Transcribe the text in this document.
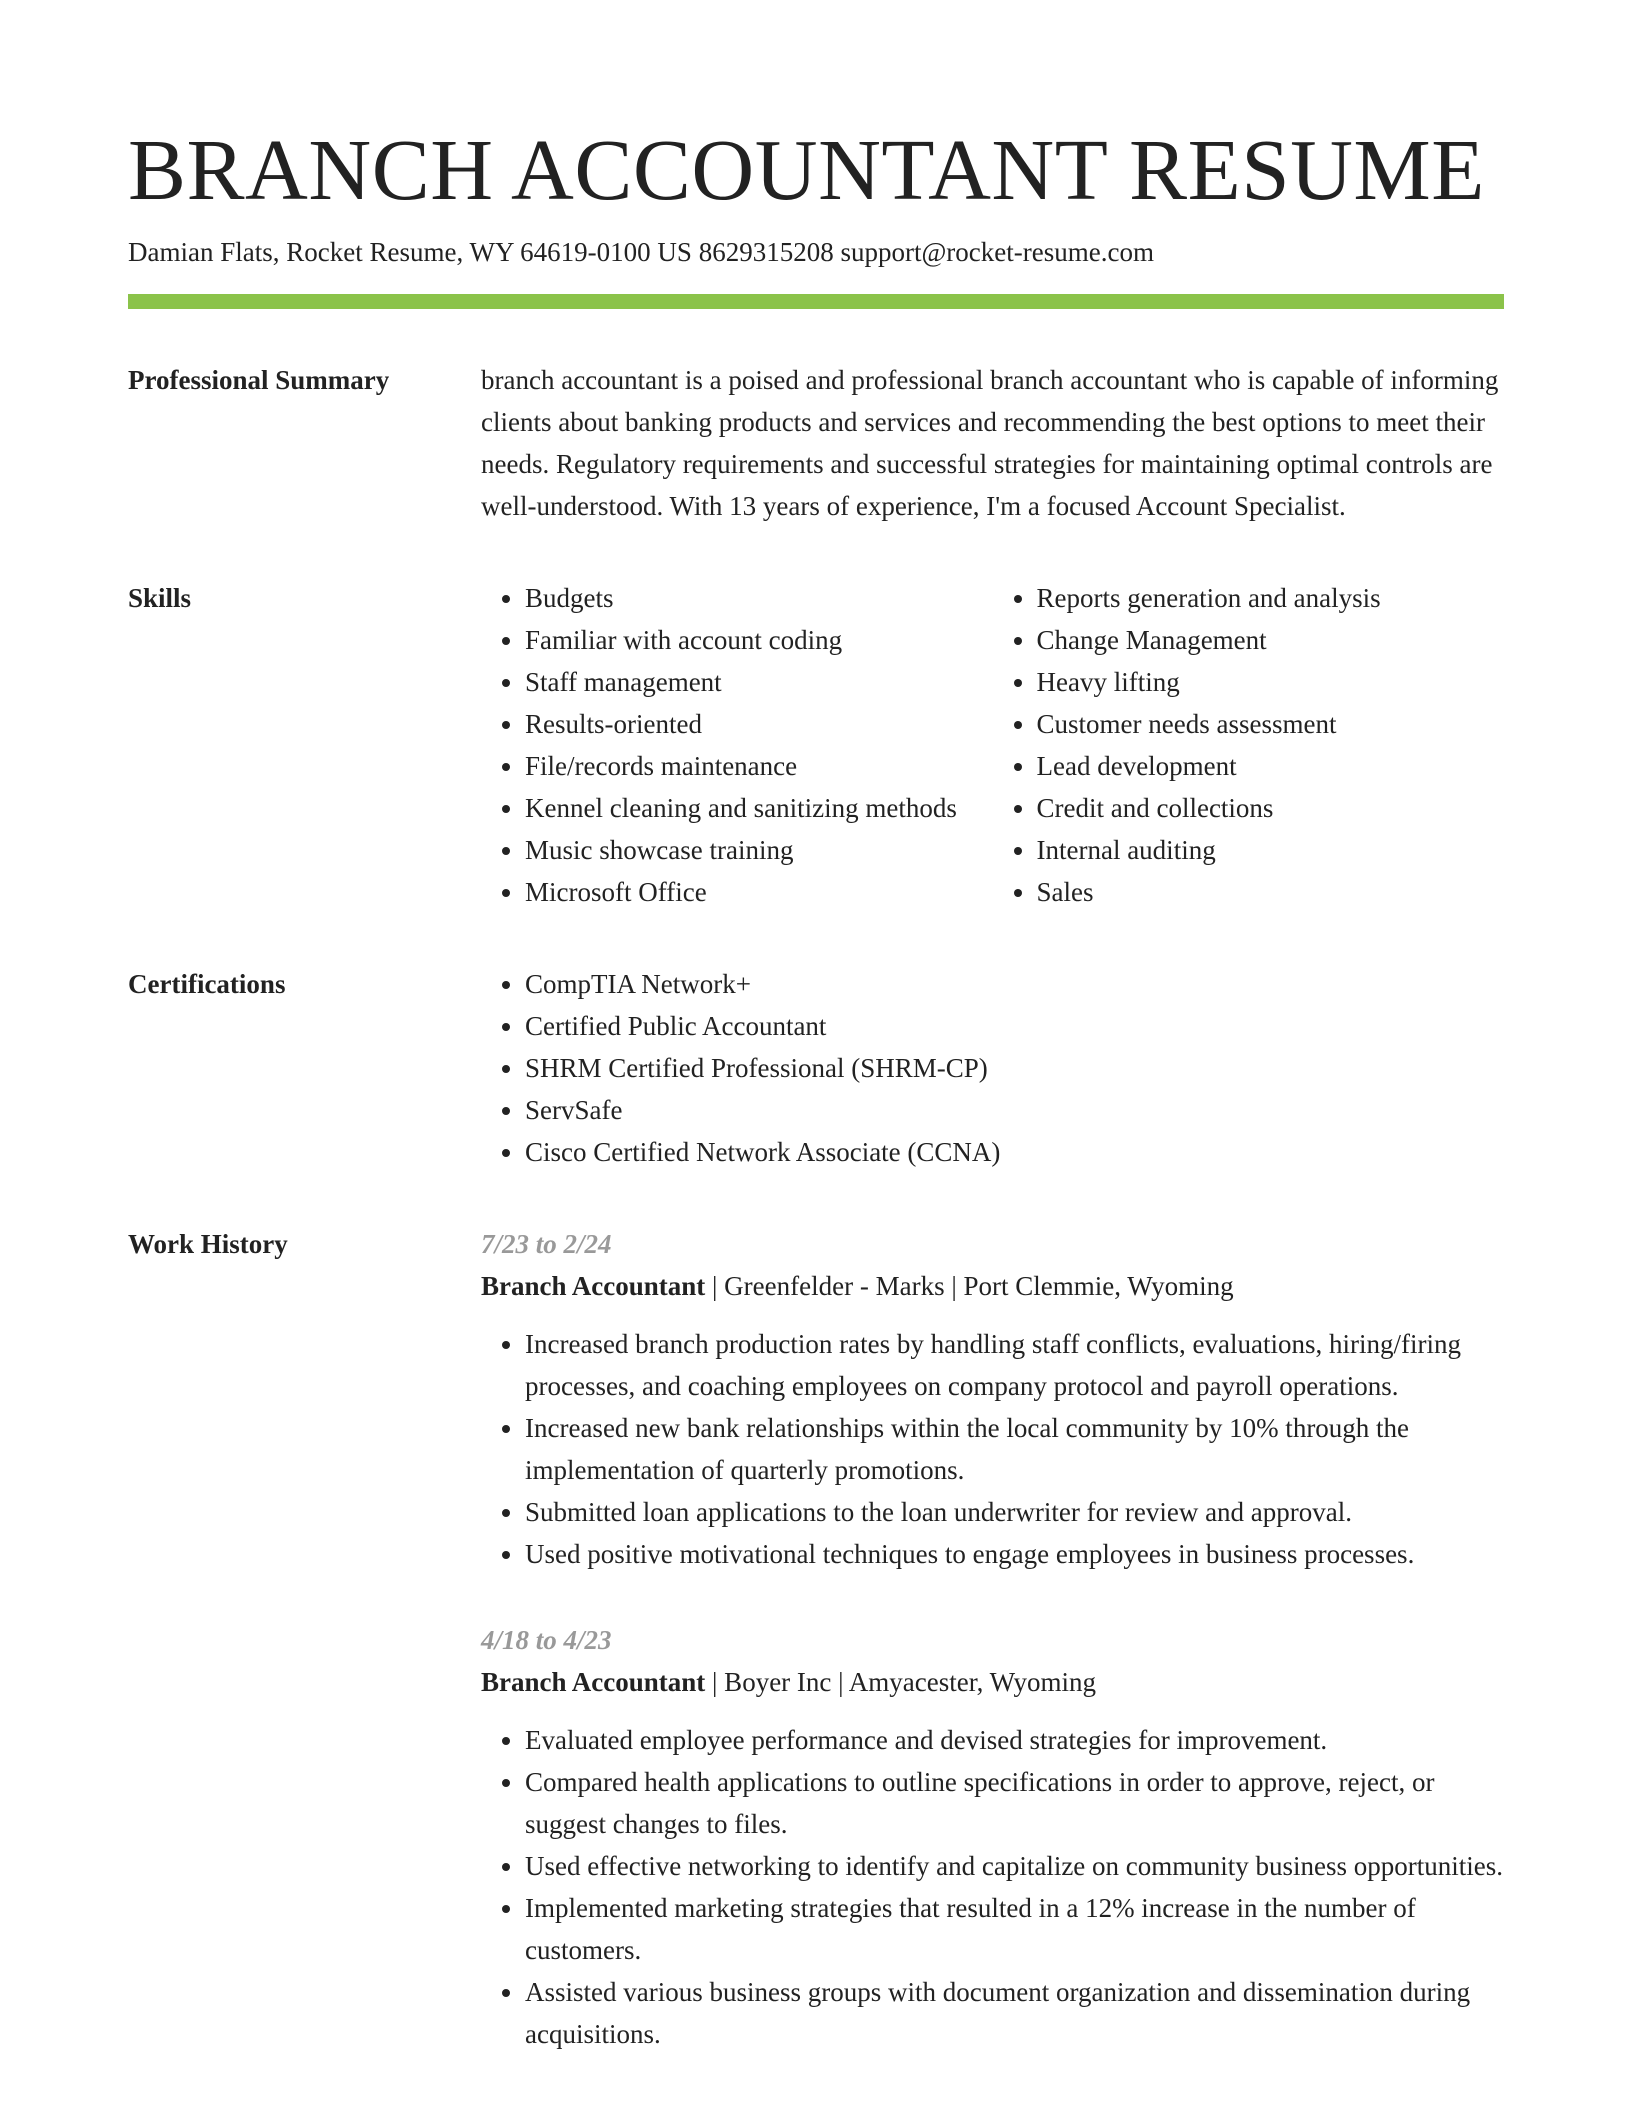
BRANCH ACCOUNTANT RESUME
Damian Flats, Rocket Resume, WY 64619-0100 US 8629315208 support@rocket-resume.com
Professional Summary	branch accountant is a poised and professional branch accountant who is capable of informing clients about banking products and services and recommending the best options to meet their needs. Regulatory requirements and successful strategies for maintaining optimal controls are well-understood. With 13 years of experience, I'm a focused Account Specialist.

Skills	• Budgets
• Familiar with account coding
• Staff management
• Results-oriented
• File/records maintenance
• Kennel cleaning and sanitizing methods
• Music showcase training
• Microsoft Office
• Reports generation and analysis
• Change Management
• Heavy lifting
• Customer needs assessment
• Lead development
• Credit and collections
• Internal auditing
• Sales
Certifications	• CompTIA Network+
• Certified Public Accountant
• SHRM Certified Professional (SHRM-CP)
• ServSafe
• Cisco Certified Network Associate (CCNA)
Work History	7/23 to 2/24
Branch Accountant | Greenfelder - Marks | Port Clemmie, Wyoming
• Increased branch production rates by handling staff conflicts, evaluations, hiring/firing processes, and coaching employees on company protocol and payroll operations.
• Increased new bank relationships within the local community by 10% through the implementation of quarterly promotions.
• Submitted loan applications to the loan underwriter for review and approval.
• Used positive motivational techniques to engage employees in business processes.
4/18 to 4/23
Branch Accountant | Boyer Inc | Amyacester, Wyoming
• Evaluated employee performance and devised strategies for improvement.
• Compared health applications to outline specifications in order to approve, reject, or suggest changes to files.
• Used effective networking to identify and capitalize on community business opportunities.
• Implemented marketing strategies that resulted in a 12% increase in the number of customers.
• Assisted various business groups with document organization and dissemination during acquisitions.
